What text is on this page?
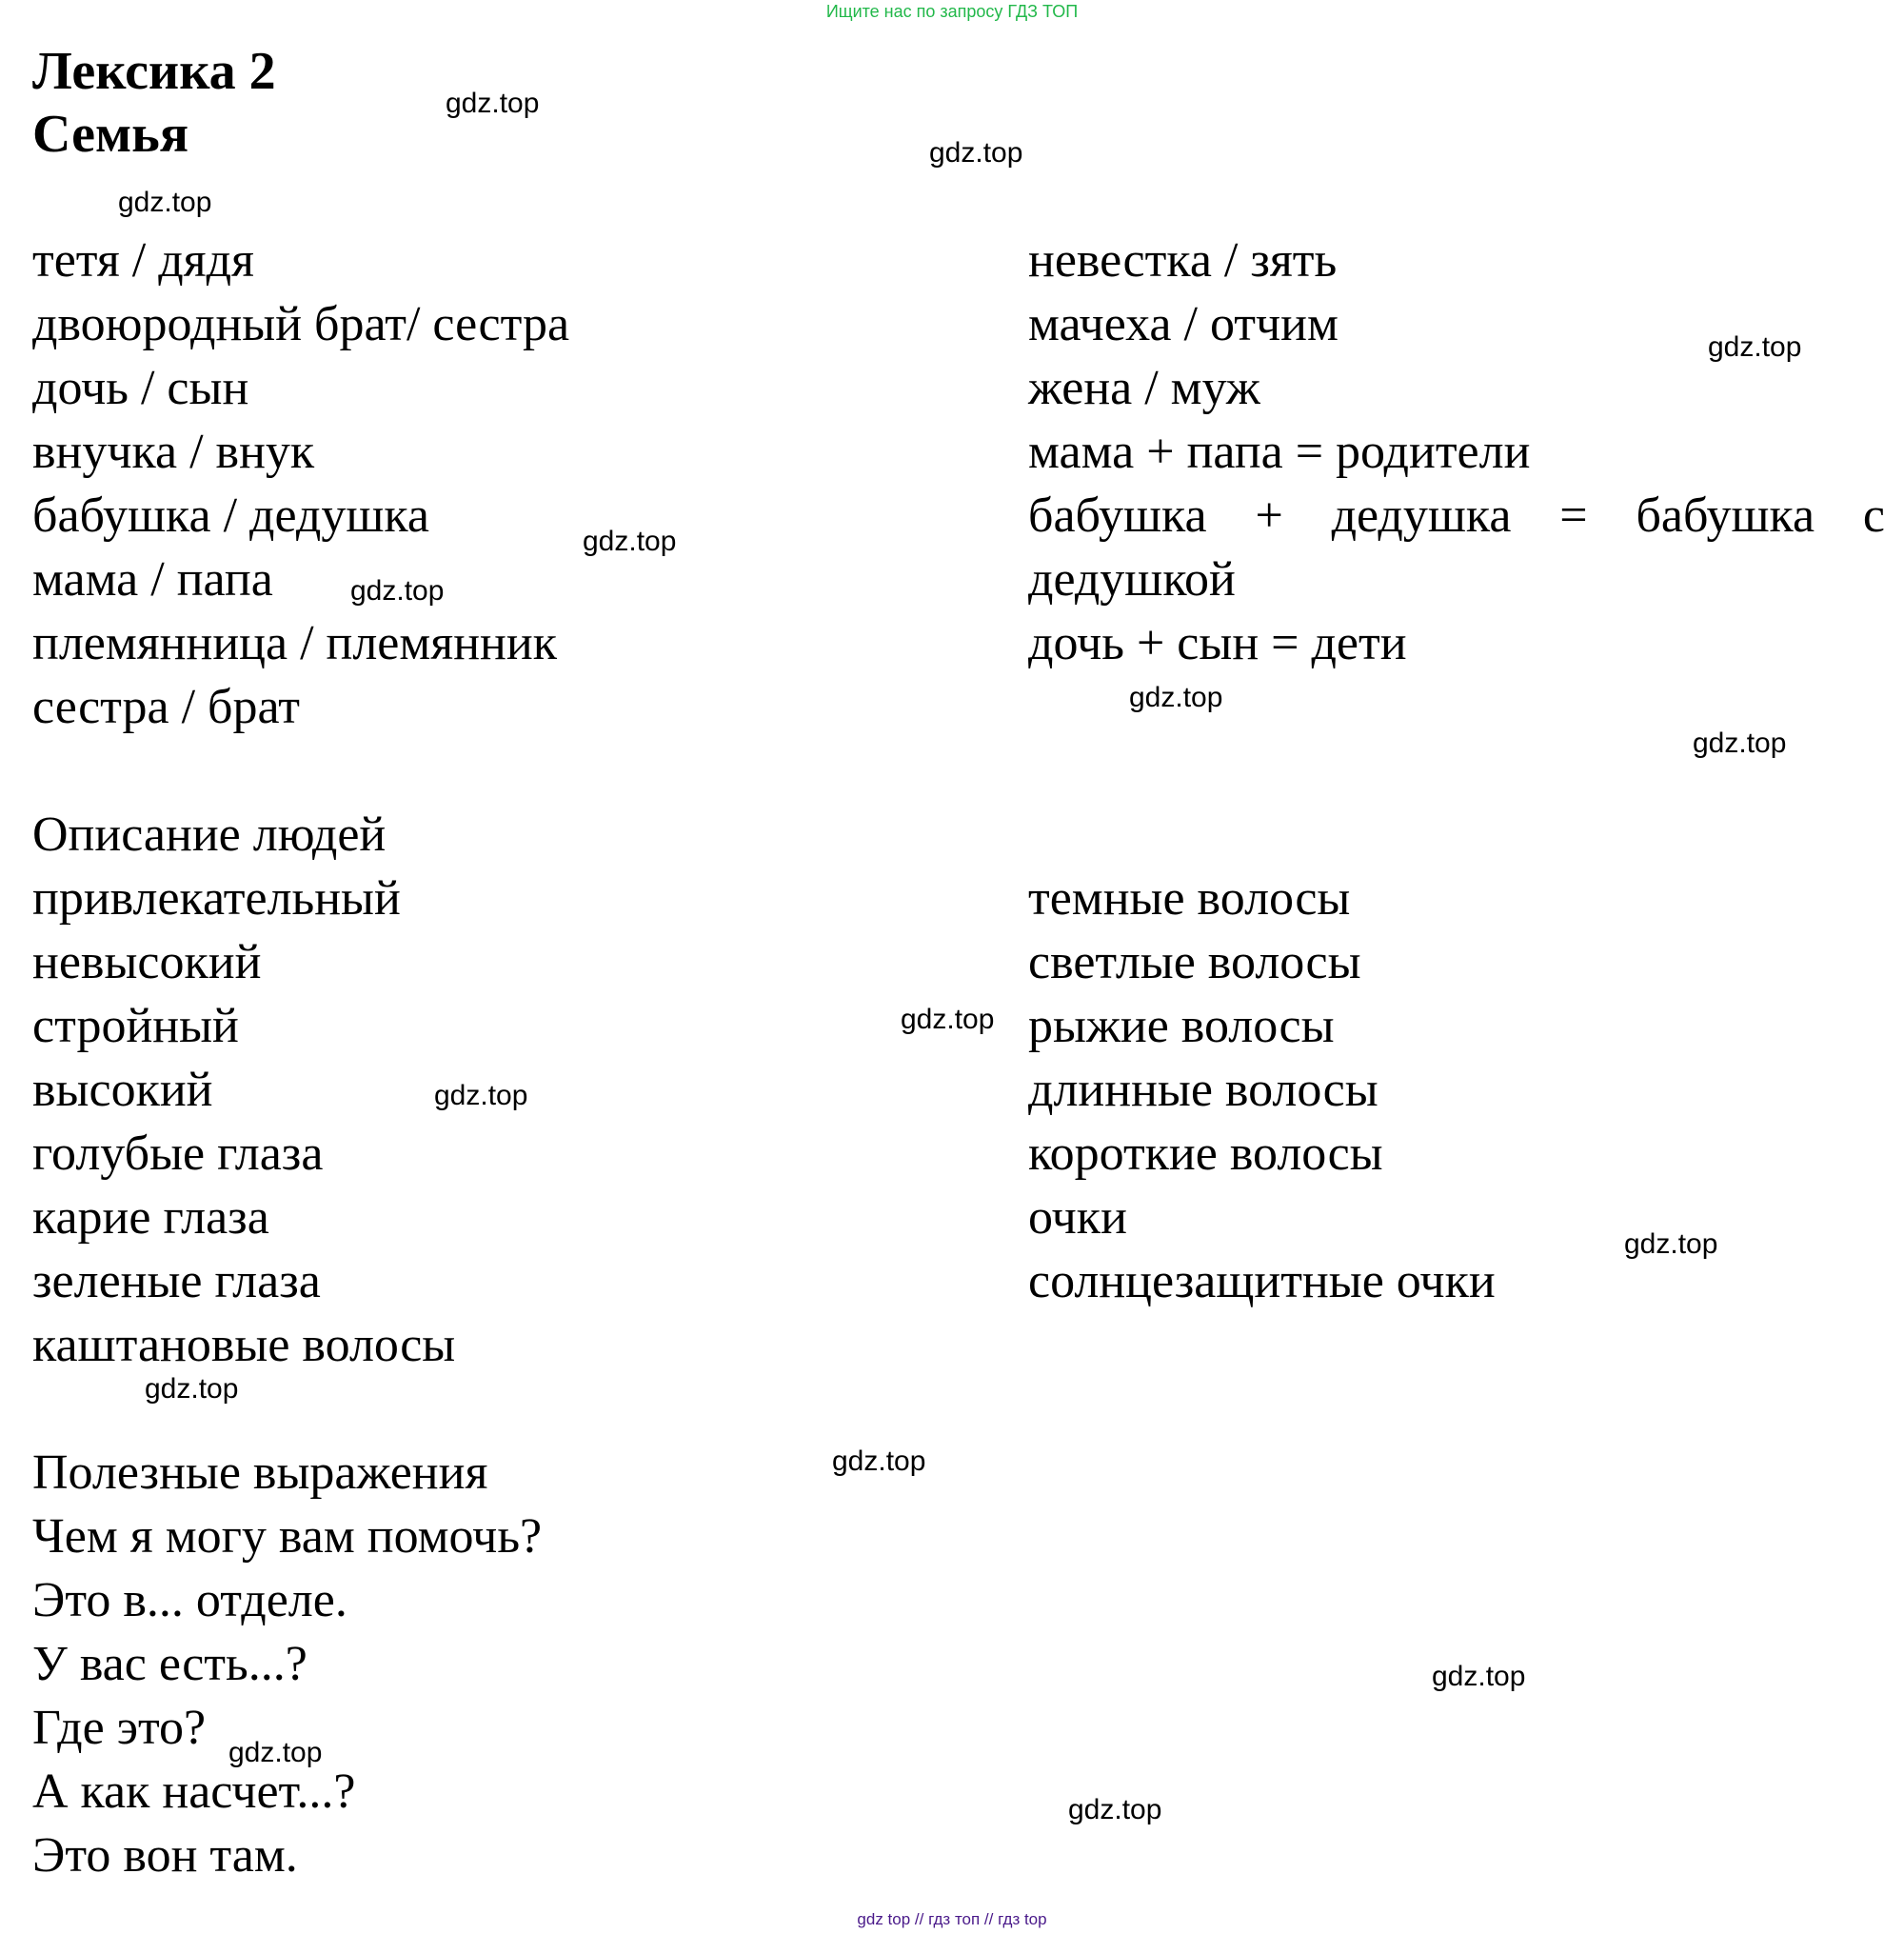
Ищите нас по запросу ГДЗ ТОП
Лексика 2
Семья
тетя / дядя
двоюродный брат/ сестра
дочь / сын
внучка / внук
бабушка / дедушка
мама / папа
племянница / племянник
сестра / брат
невестка / зять
мачеха / отчим
жена / муж
мама + папа = родители
бабушка + дедушка = бабушка с
дедушкой
дочь + сын = дети
Описание людей
привлекательный
невысокий
стройный
высокий
голубые глаза
карие глаза
зеленые глаза
каштановые волосы
темные волосы
светлые волосы
рыжие волосы
длинные волосы
короткие волосы
очки
солнцезащитные очки
Полезные выражения
Чем я могу вам помочь?
Это в... отделе.
У вас есть...?
Где это?
А как насчет...?
Это вон там.
gdz.top
gdz.top
gdz.top
gdz.top
gdz.top
gdz.top
gdz.top
gdz.top
gdz.top
gdz.top
gdz.top
gdz.top
gdz.top
gdz.top
gdz.top
gdz.top
gdz top // гдз топ // гдз top
